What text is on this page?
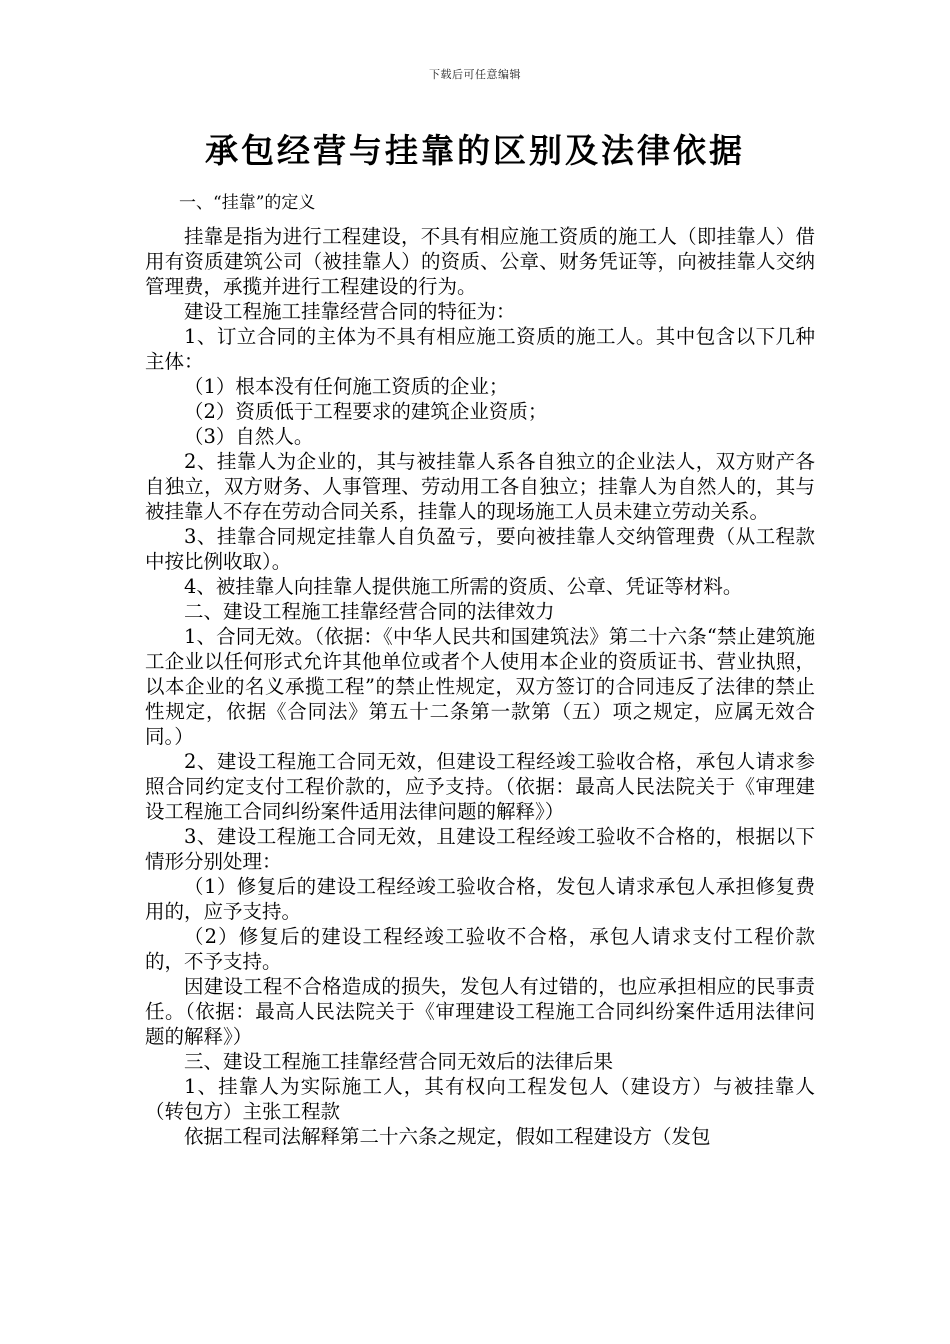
下载后可任意编辑
承包经营与挂靠的区别及法律依据

一、“挂靠”的定义

挂靠是指为进行工程建设，不具有相应施工资质的施工人（即挂靠人）借用有资质建筑公司（被挂靠人）的资质、公章、财务凭证等，向被挂靠人交纳管理费，承揽并进行工程建设的行为。

建设工程施工挂靠经营合同的特征为：

1、订立合同的主体为不具有相应施工资质的施工人。其中包含以下几种主体：

（1）根本没有任何施工资质的企业；

（2）资质低于工程要求的建筑企业资质；

（3）自然人。

2、挂靠人为企业的，其与被挂靠人系各自独立的企业法人，双方财产各自独立，双方财务、人事管理、劳动用工各自独立；挂靠人为自然人的，其与被挂靠人不存在劳动合同关系，挂靠人的现场施工人员未建立劳动关系。

3、挂靠合同规定挂靠人自负盈亏，要向被挂靠人交纳管理费（从工程款中按比例收取）。

4、被挂靠人向挂靠人提供施工所需的资质、公章、凭证等材料。

二、建设工程施工挂靠经营合同的法律效力

1、合同无效。（依据：《中华人民共和国建筑法》第二十六条“禁止建筑施工企业以任何形式允许其他单位或者个人使用本企业的资质证书、营业执照，以本企业的名义承揽工程”的禁止性规定，双方签订的合同违反了法律的禁止性规定，依据《合同法》第五十二条第一款第（五）项之规定，应属无效合同。）

2、建设工程施工合同无效，但建设工程经竣工验收合格，承包人请求参照合同约定支付工程价款的，应予支持。（依据：最高人民法院关于《审理建设工程施工合同纠纷案件适用法律问题的解释》）

3、建设工程施工合同无效，且建设工程经竣工验收不合格的，根据以下情形分别处理：

（1）修复后的建设工程经竣工验收合格，发包人请求承包人承担修复费用的，应予支持。

（2）修复后的建设工程经竣工验收不合格，承包人请求支付工程价款的，不予支持。

因建设工程不合格造成的损失，发包人有过错的，也应承担相应的民事责任。（依据：最高人民法院关于《审理建设工程施工合同纠纷案件适用法律问题的解释》）

三、建设工程施工挂靠经营合同无效后的法律后果

1、挂靠人为实际施工人，其有权向工程发包人（建设方）与被挂靠人（转包方）主张工程款

依据工程司法解释第二十六条之规定，假如工程建设方（发包
